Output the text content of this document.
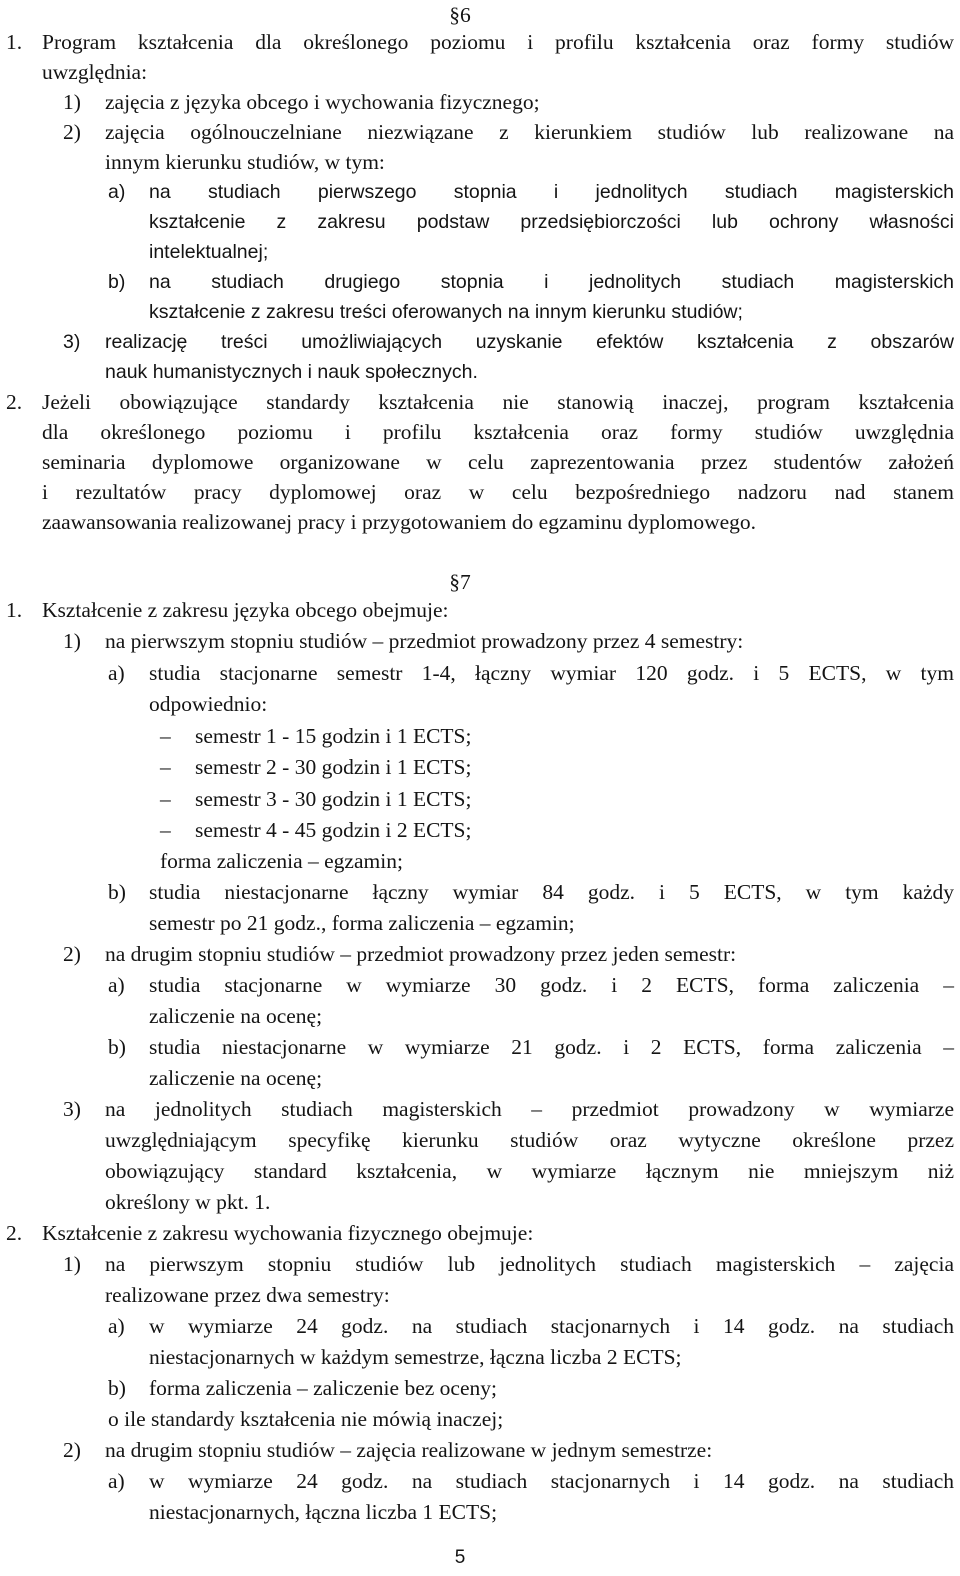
§6
1. Program kształcenia dla określonego poziomu i profilu kształcenia oraz formy studiów
uwzględnia:
1) zajęcia z języka obcego i wychowania fizycznego;
2) zajęcia ogólnouczelniane niezwiązane z kierunkiem studiów lub realizowane na
innym kierunku studiów, w tym:
a) na studiach pierwszego stopnia i jednolitych studiach magisterskich
kształcenie z zakresu podstaw przedsiębiorczości lub ochrony własności
intelektualnej;
b) na studiach drugiego stopnia i jednolitych studiach magisterskich
kształcenie z zakresu treści oferowanych na innym kierunku studiów;
3) realizację treści umożliwiających uzyskanie efektów kształcenia z obszarów
nauk humanistycznych i nauk społecznych.
2. Jeżeli obowiązujące standardy kształcenia nie stanowią inaczej, program kształcenia
dla określonego poziomu i profilu kształcenia oraz formy studiów uwzględnia
seminaria dyplomowe organizowane w celu zaprezentowania przez studentów założeń
i rezultatów pracy dyplomowej oraz w celu bezpośredniego nadzoru nad stanem
zaawansowania realizowanej pracy i przygotowaniem do egzaminu dyplomowego.
§7
1. Kształcenie z zakresu języka obcego obejmuje:
1) na pierwszym stopniu studiów – przedmiot prowadzony przez 4 semestry:
a) studia stacjonarne semestr 1-4, łączny wymiar 120 godz. i 5 ECTS, w tym
odpowiednio:
– semestr 1 - 15 godzin i 1 ECTS;
– semestr 2 - 30 godzin i 1 ECTS;
– semestr 3 - 30 godzin i 1 ECTS;
– semestr 4 - 45 godzin i 2 ECTS;
forma zaliczenia – egzamin;
b) studia niestacjonarne łączny wymiar 84 godz. i 5 ECTS, w tym każdy
semestr po 21 godz., forma zaliczenia – egzamin;
2) na drugim stopniu studiów – przedmiot prowadzony przez jeden semestr:
a) studia stacjonarne w wymiarze 30 godz. i 2 ECTS, forma zaliczenia –
zaliczenie na ocenę;
b) studia niestacjonarne w wymiarze 21 godz. i 2 ECTS, forma zaliczenia –
zaliczenie na ocenę;
3) na jednolitych studiach magisterskich – przedmiot prowadzony w wymiarze
uwzględniającym specyfikę kierunku studiów oraz wytyczne określone przez
obowiązujący standard kształcenia, w wymiarze łącznym nie mniejszym niż
określony w pkt. 1.
2. Kształcenie z zakresu wychowania fizycznego obejmuje:
1) na pierwszym stopniu studiów lub jednolitych studiach magisterskich – zajęcia
realizowane przez dwa semestry:
a) w wymiarze 24 godz. na studiach stacjonarnych i 14 godz. na studiach
niestacjonarnych w każdym semestrze, łączna liczba 2 ECTS;
b) forma zaliczenia – zaliczenie bez oceny;
o ile standardy kształcenia nie mówią inaczej;
2) na drugim stopniu studiów – zajęcia realizowane w jednym semestrze:
a) w wymiarze 24 godz. na studiach stacjonarnych i 14 godz. na studiach
niestacjonarnych, łączna liczba 1 ECTS;
5
